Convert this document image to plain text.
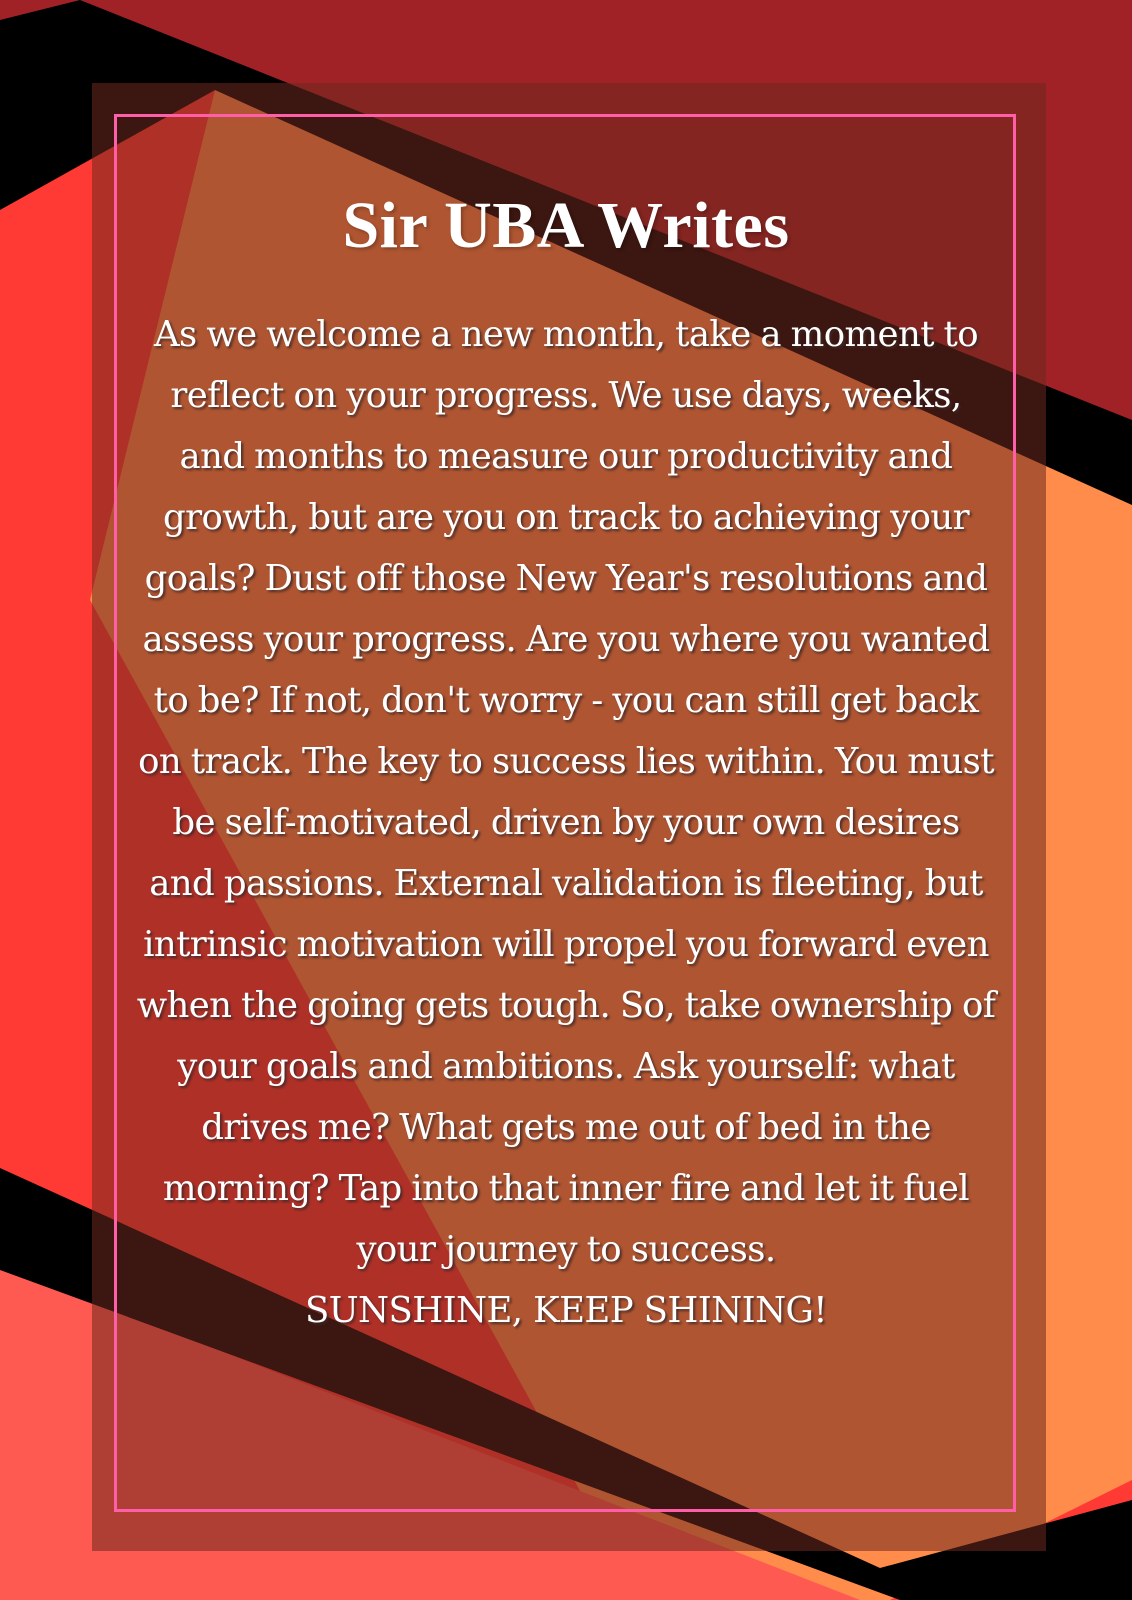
Sir UBA Writes

As we welcome a new month, take a moment to reflect on your progress. We use days, weeks, and months to measure our productivity and growth, but are you on track to achieving your goals? Dust off those New Year's resolutions and assess your progress. Are you where you wanted to be? If not, don't worry - you can still get back on track. The key to success lies within. You must be self-motivated, driven by your own desires and passions. External validation is fleeting, but intrinsic motivation will propel you forward even when the going gets tough. So, take ownership of your goals and ambitions. Ask yourself: what drives me? What gets me out of bed in the morning? Tap into that inner fire and let it fuel your journey to success.

SUNSHINE, KEEP SHINING!
